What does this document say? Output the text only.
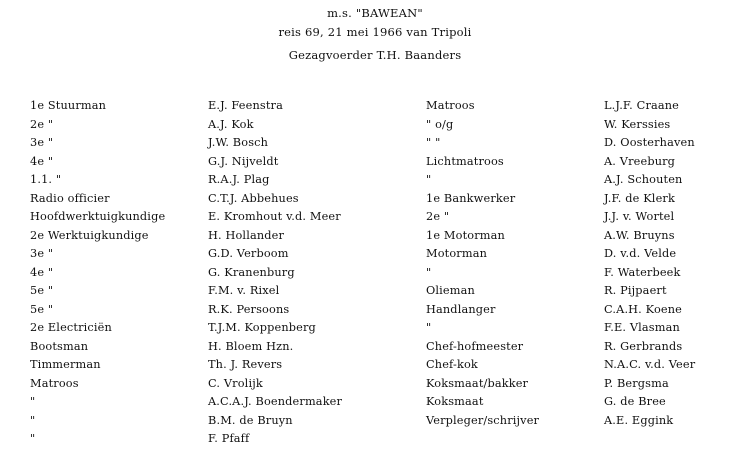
m.s. "BAWEAN"
reis 69, 21 mei 1966 van Tripoli
Gezagvoerder T.H. Baanders
1e Stuurman
2e "
3e "
4e "
1.1. "
Radio officier
Hoofdwerktuigkundige
2e Werktuigkundige
3e "
4e "
5e "
5e "
2e Electriciën
Bootsman
Timmerman
Matroos
"
"
"
E.J. Feenstra
A.J. Kok
J.W. Bosch
G.J. Nijveldt
R.A.J. Plag
C.T.J. Abbehues
E. Kromhout v.d. Meer
H. Hollander
G.D. Verboom
G. Kranenburg
F.M. v. Rixel
R.K. Persoons
T.J.M. Koppenberg
H. Bloem Hzn.
Th. J. Revers
C. Vrolijk
A.C.A.J. Boendermaker
B.M. de Bruyn
F. Pfaff
Matroos
" o/g
" "
Lichtmatroos
"
1e Bankwerker
2e "
1e Motorman
Motorman
"
Olieman
Handlanger
"
Chef-hofmeester
Chef-kok
Koksmaat/bakker
Koksmaat
Verpleger/schrijver
L.J.F. Craane
W. Kerssies
D. Oosterhaven
A. Vreeburg
A.J. Schouten
J.F. de Klerk
J.J. v. Wortel
A.W. Bruyns
D. v.d. Velde
F. Waterbeek
R. Pijpaert
C.A.H. Koene
F.E. Vlasman
R. Gerbrands
N.A.C. v.d. Veer
P. Bergsma
G. de Bree
A.E. Eggink
